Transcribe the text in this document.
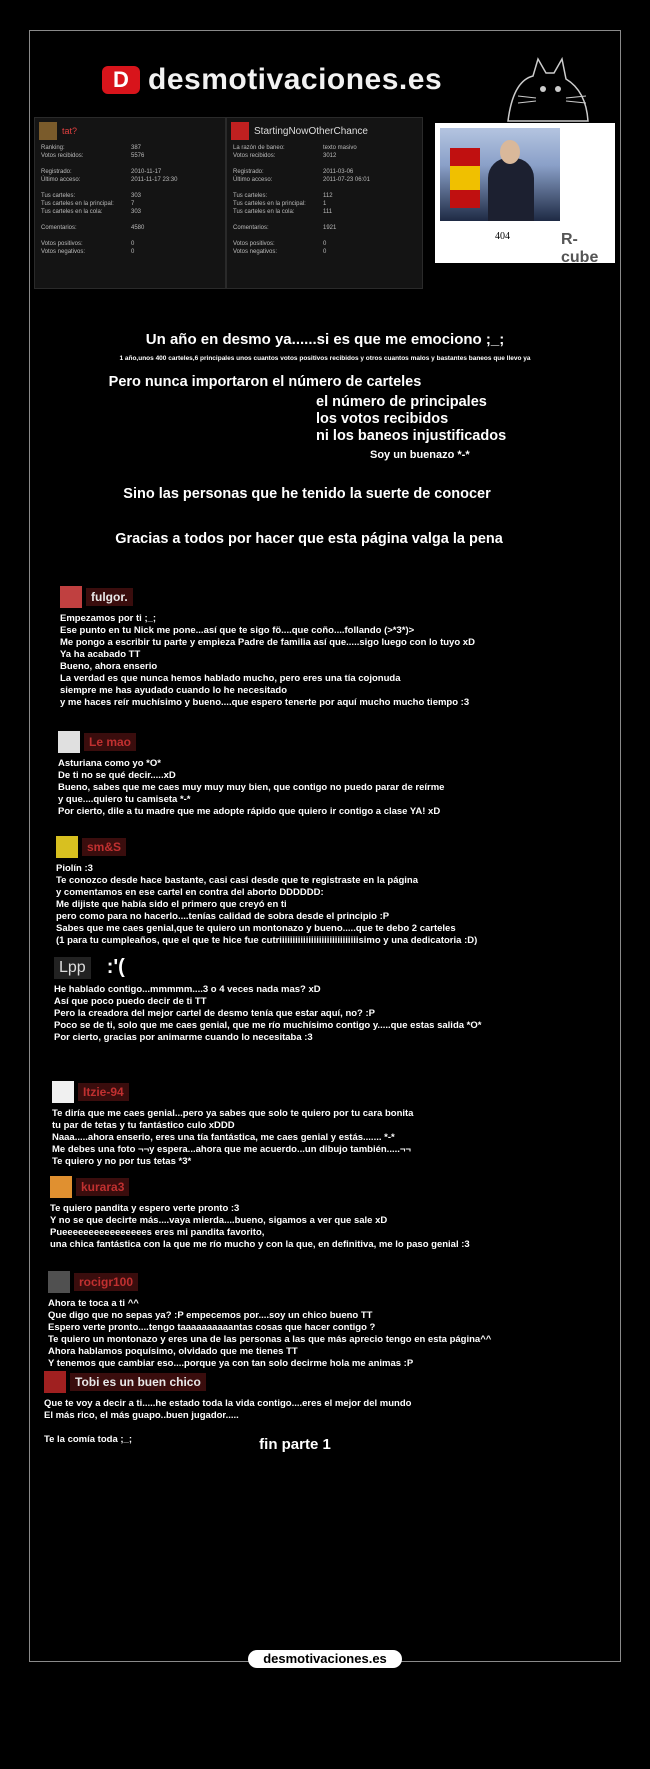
D desmotivaciones.es
tat?
Ranking:	387
Votos recibidos:	5576
Registrado:	2010-11-17
Último acceso:	2011-11-17 23:30
Tus carteles:	303
Tus carteles en la principal:	7
Tus carteles en la cola:	303
Comentarios:	4580
Votos positivos:	0
Votos negativos:	0
StartingNowOtherChance
La razón de baneo:	texto masivo
Votos recibidos:	3012
Registrado:	2011-03-06
Último acceso:	2011-07-23 06:01
Tus carteles:	112
Tus carteles en la principal:	1
Tus carteles en la cola:	111
Comentarios:	1921
Votos positivos:	0
Votos negativos:	0
404	R-cube
Un año en desmo ya......si es que me emociono ;_;
1 año,unos 400 carteles,6 principales unos cuantos votos positivos recibidos y otros cuantos malos y bastantes baneos que llevo ya
Pero nunca importaron el número de carteles
el número de principales
los votos recibidos
ni los baneos injustificados
Soy un buenazo *-*
Sino las personas que he tenido la suerte de conocer
Gracias a todos por hacer que esta página valga la pena
fulgor.
Empezamos por ti ;_;
Ese punto en tu Nick me pone...así que te sigo fö....que coño....follando (>*3*)>
Me pongo a escribir tu parte y empieza Padre de familia así que.....sigo luego con lo tuyo xD
Ya ha acabado TT
Bueno, ahora enserio
La verdad es que nunca hemos hablado mucho, pero eres una tía cojonuda
siempre me has ayudado cuando lo he necesitado
y me haces reír muchísimo y bueno....que espero tenerte por aquí mucho mucho tiempo :3
Le mao
Asturiana como yo *O*
De ti no se qué decir.....xD
Bueno, sabes que me caes muy muy muy bien, que contigo no puedo parar de reírme
y que....quiero tu camiseta *-*
Por cierto, dile a tu madre que me adopte rápido que quiero ir contigo a clase YA! xD
sm&S
Piolín :3
Te conozco desde hace bastante, casi casi desde que te registraste en la página
y comentamos en ese cartel en contra del aborto DDDDDD:
Me dijiste que había sido el primero que creyó en ti
pero como para no hacerlo....tenías calidad de sobra desde el principio :P
Sabes que me caes genial,que te quiero un montonazo y bueno.....que te debo 2 carteles
(1 para tu cumpleaños, que el que te hice fue cutriiiiiiiiiiiiiiiiiiiiiiiiiiiiiisimo y una dedicatoria :D)
Lpp :'(
He hablado contigo...mmmmm....3 o 4 veces nada mas? xD
Así que poco puedo decir de ti TT
Pero la creadora del mejor cartel de desmo tenía que estar aquí, no? :P
Poco se de ti, solo que me caes genial, que me río muchísimo contigo y.....que estas salida *O*
Por cierto, gracias por animarme cuando lo necesitaba :3
Itzie-94
Te diría que me caes genial...pero ya sabes que solo te quiero por tu cara bonita
tu par de tetas y tu fantástico culo xDDD
Naaa.....ahora enserio, eres una tía fantástica, me caes genial y estás....... *-*
Me debes una foto ¬¬y espera...ahora que me acuerdo...un dibujo también.....¬¬
Te quiero y no por tus tetas *3*
kurara3
Te quiero pandita y espero verte pronto :3
Y no se que decirte más....vaya mierda....bueno, sigamos a ver que sale xD
Pueeeeeeeeeeeeeeees eres mi pandita favorito,
una chica fantástica con la que me río mucho y con la que, en definitiva, me lo paso genial :3
rocigr100
Ahora te toca a ti ^^
Que digo que no sepas ya? :P empecemos por....soy un chico bueno TT
Espero verte pronto....tengo taaaaaaaaaantas cosas que hacer contigo ?
Te quiero un montonazo y eres una de las personas a las que más aprecio tengo en esta página^^
Ahora hablamos poquísimo, olvidado que me tienes TT
Y tenemos que cambiar eso....porque ya con tan solo decirme hola me animas :P
Tobi es un buen chico
Que te voy a decir a ti.....he estado toda la vida contigo....eres el mejor del mundo
El más rico, el más guapo..buen jugador.....
Te la comía toda ;_;	fin parte 1
desmotivaciones.es
